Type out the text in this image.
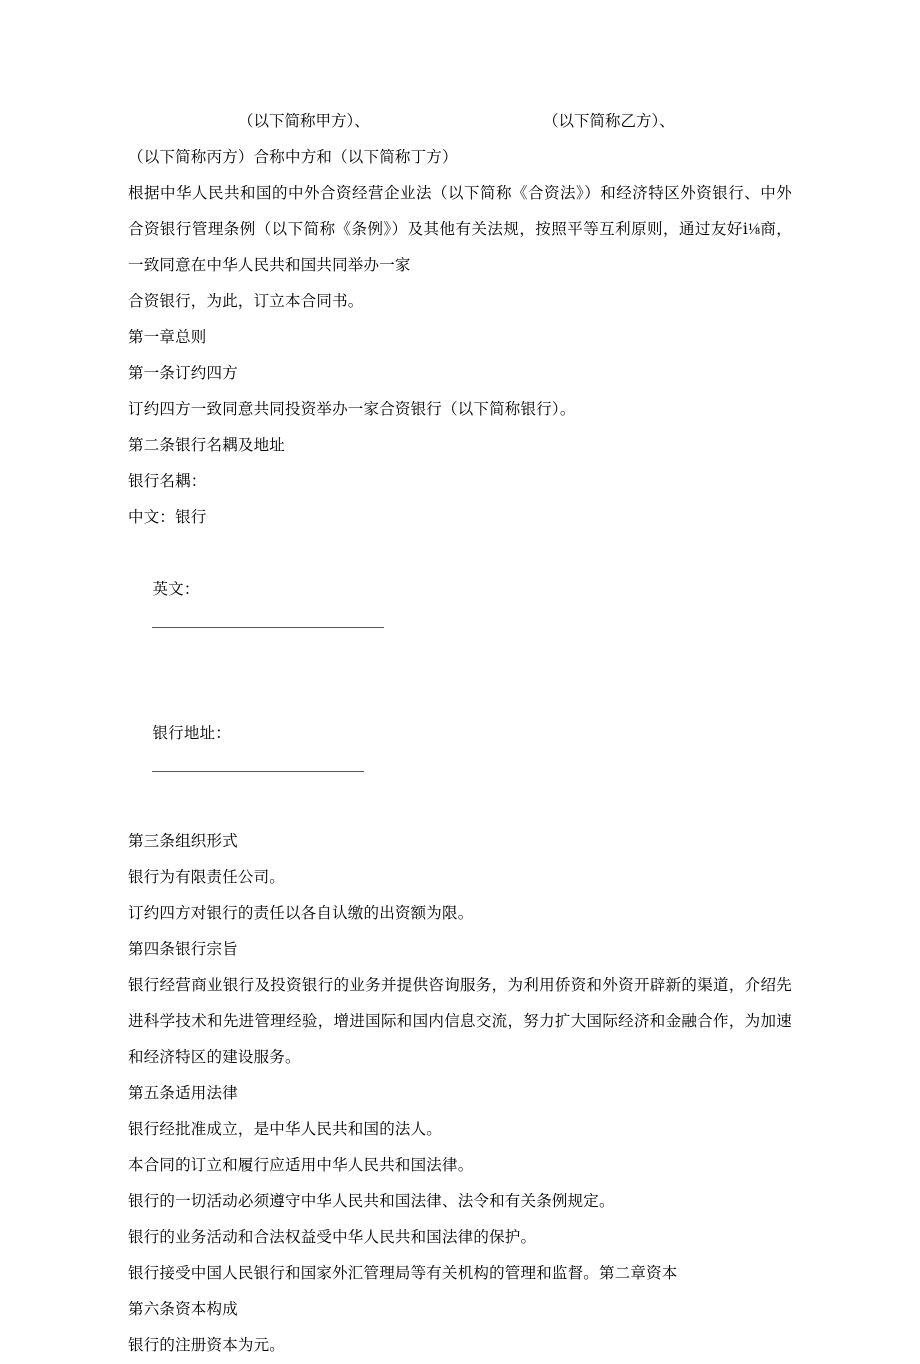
（以下简称甲方）、	（以下简称乙方）、
（以下简称丙方）合称中方和（以下简称丁方）
根据中华人民共和国的中外合资经营企业法（以下简称《合资法》）和经济特区外资银行、中外合资银行管理条例（以下简称《条例》）及其他有关法规，按照平等互利原则，通过友好ⅰ⅛商，一致同意在中华人民共和国共同举办一家
合资银行，为此，订立本合同书。
第一章总则
第一条订约四方
订约四方一致同意共同投资举办一家合资银行（以下简称银行）。
第二条银行名耦及地址
银行名耦：
中文：银行

英文：

银行地址：

第三条组织形式
银行为有限责任公司。
订约四方对银行的责任以各自认缴的出资额为限。
第四条银行宗旨
银行经营商业银行及投资银行的业务并提供咨询服务，为利用侨资和外资开辟新的渠道，介绍先进科学技术和先进管理经验，增进国际和国内信息交流，努力扩大国际经济和金融合作，为加速和经济特区的建设服务。
第五条适用法律
银行经批准成立，是中华人民共和国的法人。
本合同的订立和履行应适用中华人民共和国法律。
银行的一切活动必须遵守中华人民共和国法律、法令和有关条例规定。
银行的业务活动和合法权益受中华人民共和国法律的保护。
银行接受中国人民银行和国家外汇管理局等有关机构的管理和监督。第二章资本
第六条资本构成
银行的注册资本为元。
